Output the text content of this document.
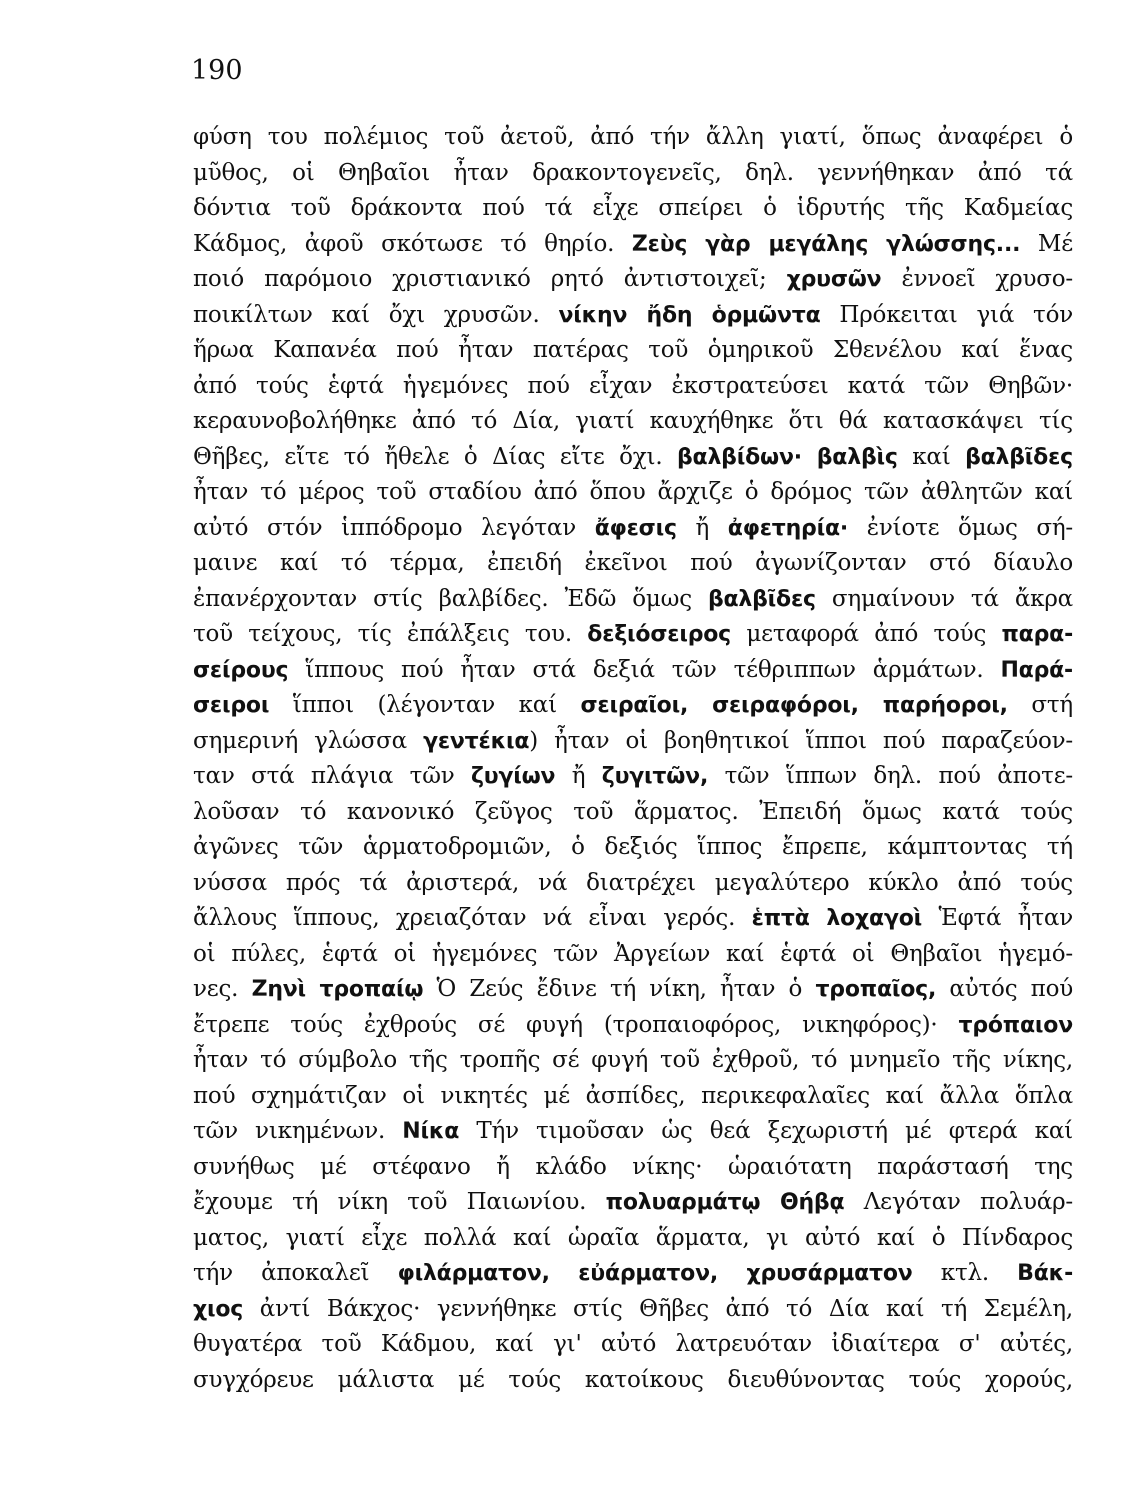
190
φύση του πολέμιος τοῦ ἀετοῦ, ἀπό τήν ἄλλη γιατί, ὅπως ἀναφέρει ὁ
μῦθος, οἱ Θηβαῖοι ἦταν δρακοντογενεῖς, δηλ. γεννήθηκαν ἀπό τά
δόντια τοῦ δράκοντα πού τά εἶχε σπείρει ὁ ἱδρυτής τῆς Καδμείας
Κάδμος, ἀφοῦ σκότωσε τό θηρίο. Ζεὺς γὰρ μεγάλης γλώσσης... Μέ
ποιό παρόμοιο χριστιανικό ρητό ἀντιστοιχεῖ; χρυσῶν ἐννοεῖ χρυσο-
ποικίλτων καί ὄχι χρυσῶν. νίκην ἤδη ὁρμῶντα Πρόκειται γιά τόν
ἥρωα Καπανέα πού ἦταν πατέρας τοῦ ὁμηρικοῦ Σθενέλου καί ἕνας
ἀπό τούς ἑφτά ἡγεμόνες πού εἶχαν ἐκστρατεύσει κατά τῶν Θηβῶν·
κεραυνοβολήθηκε ἀπό τό Δία, γιατί καυχήθηκε ὅτι θά κατασκάψει τίς
Θῆβες, εἴτε τό ἤθελε ὁ Δίας εἴτε ὄχι. βαλβίδων· βαλβὶς καί βαλβῖδες
ἦταν τό μέρος τοῦ σταδίου ἀπό ὅπου ἄρχιζε ὁ δρόμος τῶν ἀθλητῶν καί
αὐτό στόν ἱππόδρομο λεγόταν ἄφεσις ἤ ἀφετηρία· ἐνίοτε ὅμως σή-
μαινε καί τό τέρμα, ἐπειδή ἐκεῖνοι πού ἀγωνίζονταν στό δίαυλο
ἐπανέρχονταν στίς βαλβίδες. Ἐδῶ ὅμως βαλβῖδες σημαίνουν τά ἄκρα
τοῦ τείχους, τίς ἐπάλξεις του. δεξιόσειρος μεταφορά ἀπό τούς παρα-
σείρους ἵππους πού ἦταν στά δεξιά τῶν τέθριππων ἁρμάτων. Παρά-
σειροι ἵπποι (λέγονταν καί σειραῖοι, σειραφόροι, παρήοροι, στή
σημερινή γλώσσα γεντέκια) ἦταν οἱ βοηθητικοί ἵπποι πού παραζεύον-
ταν στά πλάγια τῶν ζυγίων ἤ ζυγιτῶν, τῶν ἵππων δηλ. πού ἀποτε-
λοῦσαν τό κανονικό ζεῦγος τοῦ ἅρματος. Ἐπειδή ὅμως κατά τούς
ἀγῶνες τῶν ἁρματοδρομιῶν, ὁ δεξιός ἵππος ἔπρεπε, κάμπτοντας τή
νύσσα πρός τά ἀριστερά, νά διατρέχει μεγαλύτερο κύκλο ἀπό τούς
ἄλλους ἵππους, χρειαζόταν νά εἶναι γερός. ἑπτὰ λοχαγοὶ Ἑφτά ἦταν
οἱ πύλες, ἑφτά οἱ ἡγεμόνες τῶν Ἀργείων καί ἑφτά οἱ Θηβαῖοι ἡγεμό-
νες. Ζηνὶ τροπαίῳ Ὁ Ζεύς ἔδινε τή νίκη, ἦταν ὁ τροπαῖος, αὐτός πού
ἔτρεπε τούς ἐχθρούς σέ φυγή (τροπαιοφόρος, νικηφόρος)· τρόπαιον
ἦταν τό σύμβολο τῆς τροπῆς σέ φυγή τοῦ ἐχθροῦ, τό μνημεῖο τῆς νίκης,
πού σχημάτιζαν οἱ νικητές μέ ἀσπίδες, περικεφαλαῖες καί ἄλλα ὅπλα
τῶν νικημένων. Νίκα Τήν τιμοῦσαν ὡς θεά ξεχωριστή μέ φτερά καί
συνήθως μέ στέφανο ἤ κλάδο νίκης· ὡραιότατη παράστασή της
ἔχουμε τή νίκη τοῦ Παιωνίου. πολυαρμάτῳ Θήβᾳ Λεγόταν πολυάρ-
ματος, γιατί εἶχε πολλά καί ὡραῖα ἅρματα, γι αὐτό καί ὁ Πίνδαρος
τήν ἀποκαλεῖ φιλάρματον, εὐάρματον, χρυσάρματον κτλ. Βάκ-
χιος ἀντί Βάκχος· γεννήθηκε στίς Θῆβες ἀπό τό Δία καί τή Σεμέλη,
θυγατέρα τοῦ Κάδμου, καί γι' αὐτό λατρευόταν ἰδιαίτερα σ' αὐτές,
συγχόρευε μάλιστα μέ τούς κατοίκους διευθύνοντας τούς χορούς,
